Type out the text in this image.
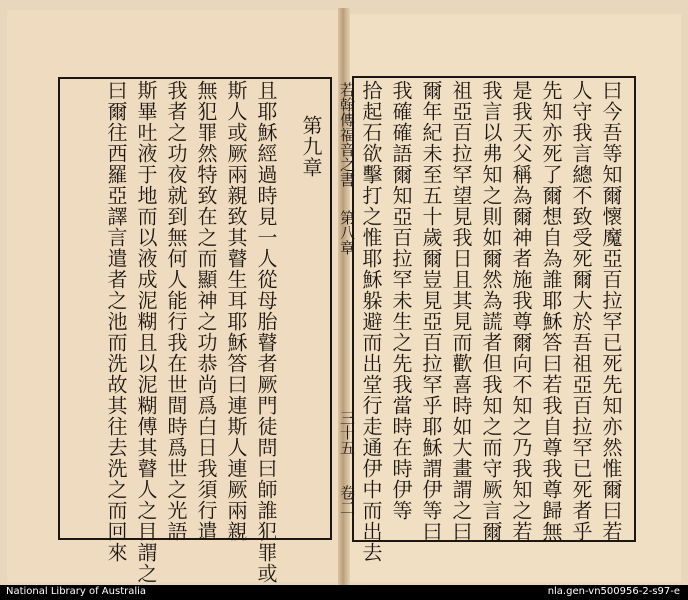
曰今吾等知爾懷魔亞百拉罕已死先知亦然惟爾曰若
人守我言總不致受死爾大於吾祖亞百拉罕已死者乎
先知亦死了爾想自為誰耶穌答曰若我自尊我尊歸無
是我天父稱為爾神者施我尊爾向不知之乃我知之若
我言以弗知之則如爾然為謊者但我知之而守厥言爾
祖亞百拉罕望見我日且其見而歡喜時如大畫謂之曰
爾年紀未至五十歲爾豈見亞百拉罕乎耶穌謂伊等曰
我確確語爾知亞百拉罕未生之先我當時在時伊等
拾起石欲擊打之惟耶穌躲避而出堂行走通伊中而出去
若翰傳福音之書
第八章
三十五
卷二
第九章
且耶穌經過時見一人從母胎瞽者厥門徒問曰師誰犯罪或
斯人或厥兩親致其瞽生耳耶穌答曰連斯人連厥兩親
無犯罪然特致在之而顯神之功恭尚爲白日我須行遣
我者之功夜就到無何人能行我在世間時爲世之光語
斯畢吐液于地而以液成泥糊且以泥糊傅其瞽人之目謂之
曰爾往西羅亞譯言遣者之池而洗故其往去洗之而回來
National Library of Australia	nla.gen-vn500956-2-s97-e
